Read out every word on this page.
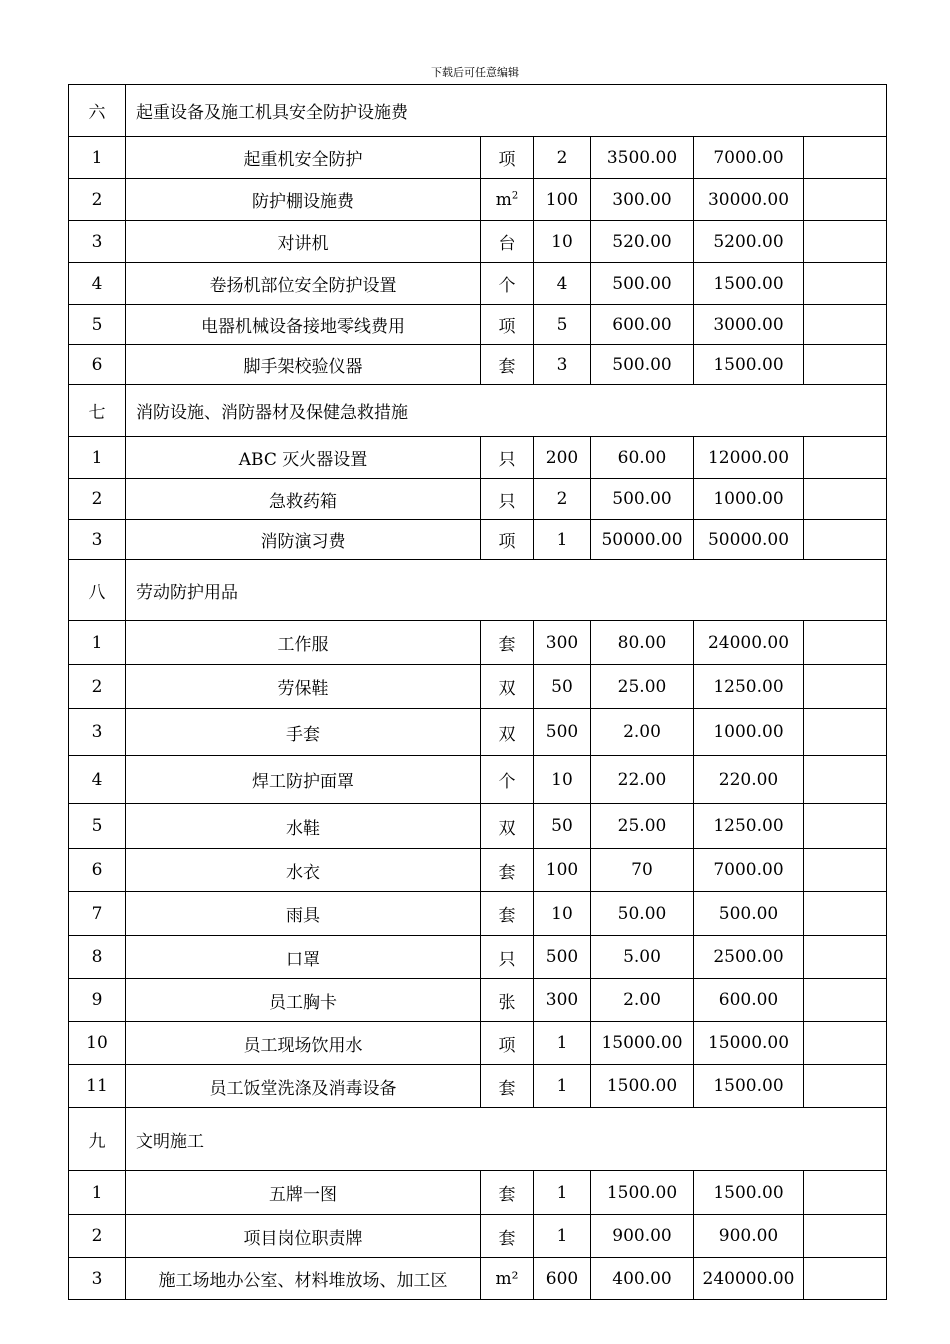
下载后可任意编辑
六	起重设备及施工机具安全防护设施费					
1	起重机安全防护	项	2	3500.00	7000.00	
2	防护棚设施费	$m^2$	100	300.00	30000.00	
3	对讲机	台	10	520.00	5200.00	
4	卷扬机部位安全防护设置	个	4	500.00	1500.00	
5	电器机械设备接地零线费用	项	5	600.00	3000.00	
6	脚手架校验仪器	套	3	500.00	1500.00	
七	消防设施、消防器材及保健急救措施					
1	ABC 灭火器设置	只	200	60.00	12000.00	
2	急救药箱	只	2	500.00	1000.00	
3	消防演习费	项	1	50000.00	50000.00	
八	劳动防护用品					
1	工作服	套	300	80.00	24000.00	
2	劳保鞋	双	50	25.00	1250.00	
3	手套	双	500	2.00	1000.00	
4	焊工防护面罩	个	10	22.00	220.00	
5	水鞋	双	50	25.00	1250.00	
6	水衣	套	100	70	7000.00	
7	雨具	套	10	50.00	500.00	
8	口罩	只	500	5.00	2500.00	
9	员工胸卡	张	300	2.00	600.00	
10	员工现场饮用水	项	1	15000.00	15000.00	
11	员工饭堂洗涤及消毒设备	套	1	1500.00	1500.00	
九	文明施工					
1	五牌一图	套	1	1500.00	1500.00	
2	项目岗位职责牌	套	1	900.00	900.00	
3	施工场地办公室、材料堆放场、加工区	m²	600	400.00	240000.00	
